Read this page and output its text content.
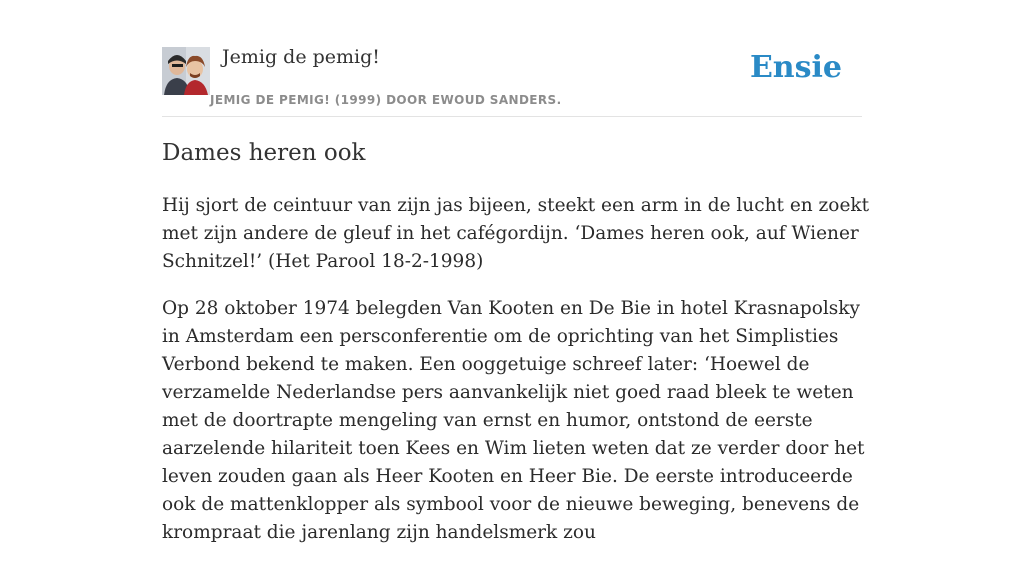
Jemig de pemig!
JEMIG DE PEMIG! (1999) DOOR EWOUD SANDERS.
Ensie
Dames heren ook

Hij sjort de ceintuur van zijn jas bijeen, steekt een arm in de lucht en zoekt met zijn andere de gleuf in het cafégordijn. ‘Dames heren ook, auf Wiener Schnitzel!’ (Het Parool 18-2-1998)

Op 28 oktober 1974 belegden Van Kooten en De Bie in hotel Krasnapolsky in Amsterdam een persconferentie om de oprichting van het Simplisties Verbond bekend te maken. Een ooggetuige schreef later: ‘Hoewel de verzamelde Nederlandse pers aanvankelijk niet goed raad bleek te weten met de doortrapte mengeling van ernst en humor, ontstond de eerste aarzelende hilariteit toen Kees en Wim lieten weten dat ze verder door het leven zouden gaan als Heer Kooten en Heer Bie. De eerste introduceerde ook de mattenklopper als symbool voor de nieuwe beweging, benevens de krompraat die jarenlang zijn handelsmerk zou
